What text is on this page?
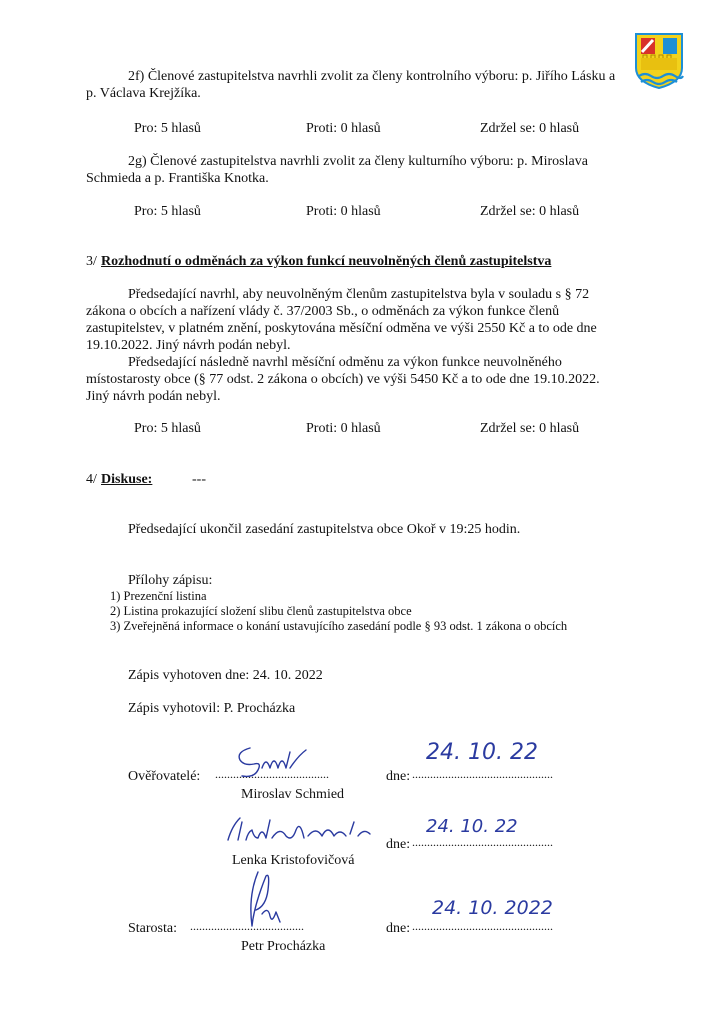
2f) Členové zastupitelstva navrhli zvolit za členy kontrolního výboru: p. Jiřího Lásku a
p. Václava Krejžíka.
Pro: 5 hlasů	Proti: 0 hlasů	Zdržel se: 0 hlasů
2g) Členové zastupitelstva navrhli zvolit za členy kulturního výboru: p. Miroslava
Schmieda a p. Františka Knotka.
Pro: 5 hlasů	Proti: 0 hlasů	Zdržel se: 0 hlasů
3/ Rozhodnutí o odměnách za výkon funkcí neuvolněných členů zastupitelstva
Předsedající navrhl, aby neuvolněným členům zastupitelstva byla v souladu s § 72
zákona o obcích a nařízení vlády č. 37/2003 Sb., o odměnách za výkon funkce členů
zastupitelstev, v platném znění, poskytována měsíční odměna ve výši 2550 Kč a to ode dne
19.10.2022. Jiný návrh podán nebyl.
Předsedající následně navrhl měsíční odměnu za výkon funkce neuvolněného
místostarosty obce (§ 77 odst. 2 zákona o obcích) ve výši 5450 Kč a to ode dne 19.10.2022.
Jiný návrh podán nebyl.
Pro: 5 hlasů	Proti: 0 hlasů	Zdržel se: 0 hlasů
4/ Diskuse:	---
Předsedající ukončil zasedání zastupitelstva obce Okoř v 19:25 hodin.
Přílohy zápisu:
1) Prezenční listina
2) Listina prokazující složení slibu členů zastupitelstva obce
3) Zveřejněná informace o konání ustavujícího zasedání podle § 93 odst. 1 zákona o obcích
Zápis vyhotoven dne: 24. 10. 2022
Zápis vyhotovil: P. Procházka
Ověřovatelé: ......................................	dne: ...............................................
Miroslav Schmied
24. 10. 22
dne: ...............................................
Lenka Kristofovičová
24. 10. 22
Starosta: ......................................	dne: ...............................................
Petr Procházka
24. 10. 2022
